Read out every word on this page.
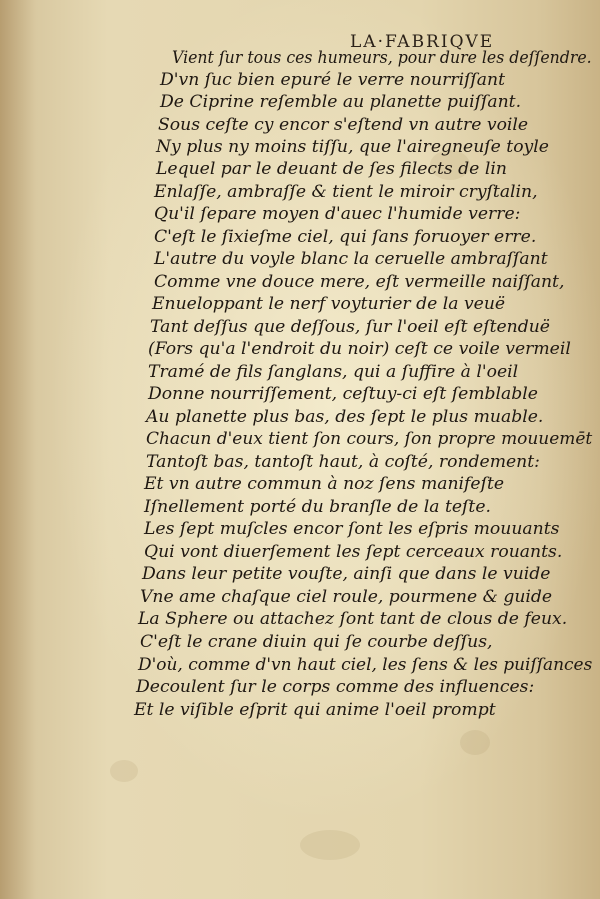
LA·FABRIQVE
Vient ſur tous ces humeurs, pour dure les deſſendre.
D'vn ſuc bien epuré le verre nourriſſant
De Ciprine reſemble au planette puiſſant.
Sous ceſte cy encor s'eſtend vn autre voile
Ny plus ny moins tiſſu, que l'airegneuſe toyle
Lequel par le deuant de ſes filects de lin
Enlaſſe, ambraſſe & tient le miroir cryſtalin,
Qu'il ſepare moyen d'auec l'humide verre:
C'eſt le ſixieſme ciel, qui ſans foruoyer erre.
L'autre du voyle blanc la ceruelle ambraſſant
Comme vne douce mere, eſt vermeille naiſſant,
Enueloppant le nerf voyturier de la veuë
Tant deſſus que deſſous, ſur l'oeil eſt eſtenduë
(Fors qu'a l'endroit du noir) ceſt ce voile vermeil
Tramé de fils ſanglans, qui a ſuffire à l'oeil
Donne nourriſſement, ceſtuy-ci eſt ſemblable
Au planette plus bas, des ſept le plus muable.
Chacun d'eux tient ſon cours, ſon propre mouuemēt
Tantoſt bas, tantoſt haut, à coſté, rondement:
Et vn autre commun à noz ſens manifeſte
Iſnellement porté du branſle de la teſte.
Les ſept muſcles encor ſont les eſpris mouuants
Qui vont diuerſement les ſept cerceaux rouants.
Dans leur petite vouſte, ainſi que dans le vuide
Vne ame chaſque ciel roule, pourmene & guide
La Sphere ou attachez ſont tant de clous de feux.
C'eſt le crane diuin qui ſe courbe deſſus,
D'où, comme d'vn haut ciel, les ſens & les puiſſances
Decoulent ſur le corps comme des influences:
Et le viſible eſprit qui anime l'oeil prompt
